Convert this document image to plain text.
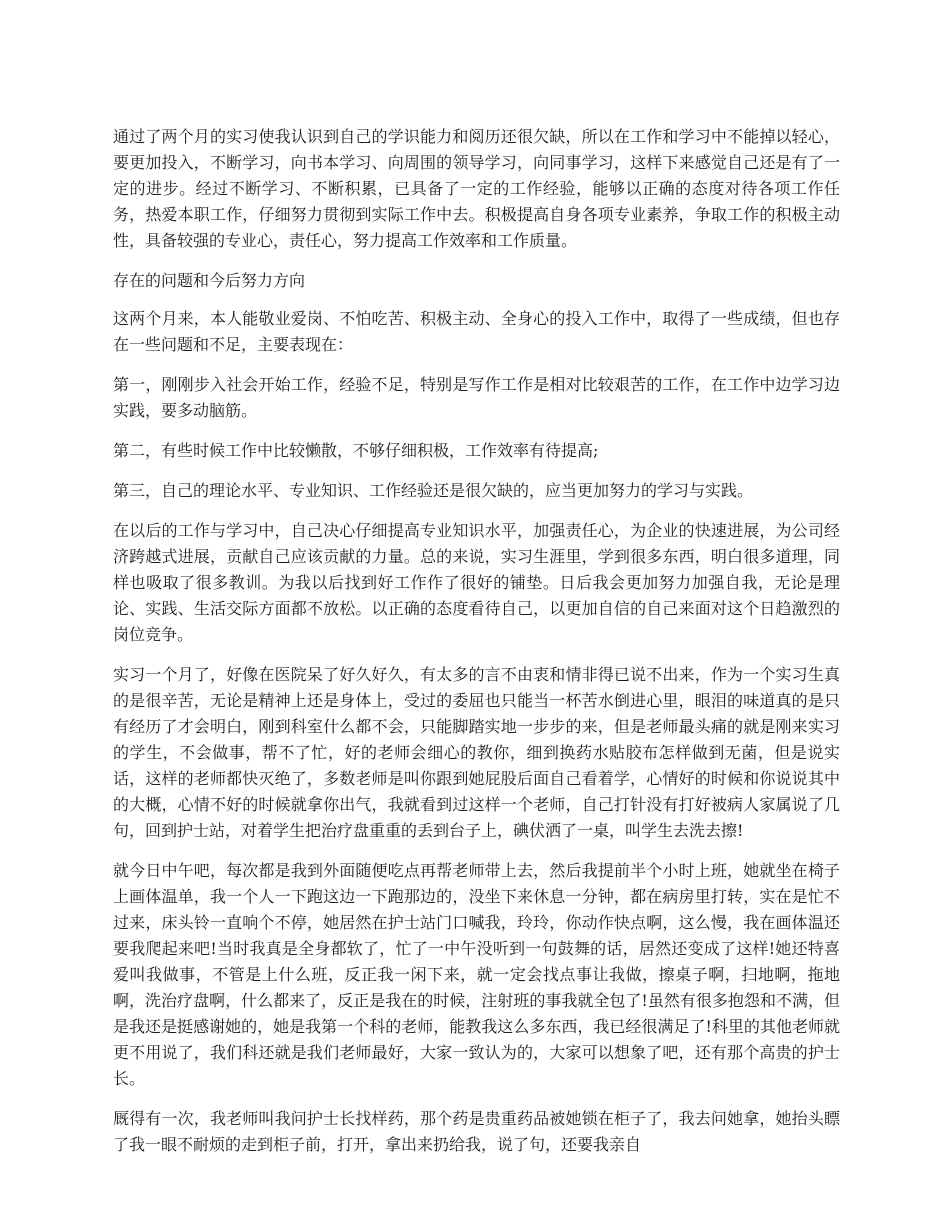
通过了两个月的实习使我认识到自己的学识能力和阅历还很欠缺，所以在工作和学习中不能掉以轻心，要更加投入，不断学习，向书本学习、向周围的领导学习，向同事学习，这样下来感觉自己还是有了一定的进步。经过不断学习、不断积累，已具备了一定的工作经验，能够以正确的态度对待各项工作任务，热爱本职工作，仔细努力贯彻到实际工作中去。积极提高自身各项专业素养，争取工作的积极主动性，具备较强的专业心，责任心，努力提高工作效率和工作质量。

存在的问题和今后努力方向

这两个月来，本人能敬业爱岗、不怕吃苦、积极主动、全身心的投入工作中，取得了一些成绩，但也存在一些问题和不足，主要表现在：

第一，刚刚步入社会开始工作，经验不足，特别是写作工作是相对比较艰苦的工作，在工作中边学习边实践，要多动脑筋。

第二，有些时候工作中比较懒散，不够仔细积极，工作效率有待提高;

第三，自己的理论水平、专业知识、工作经验还是很欠缺的，应当更加努力的学习与实践。

在以后的工作与学习中，自己决心仔细提高专业知识水平，加强责任心，为企业的快速进展，为公司经济跨越式进展，贡献自己应该贡献的力量。总的来说，实习生涯里，学到很多东西，明白很多道理，同样也吸取了很多教训。为我以后找到好工作作了很好的铺垫。日后我会更加努力加强自我，无论是理论、实践、生活交际方面都不放松。以正确的态度看待自己，以更加自信的自己来面对这个日趋激烈的岗位竞争。

实习一个月了，好像在医院呆了好久好久，有太多的言不由衷和情非得已说不出来，作为一个实习生真的是很辛苦，无论是精神上还是身体上，受过的委屈也只能当一杯苦水倒进心里，眼泪的味道真的是只有经历了才会明白，刚到科室什么都不会，只能脚踏实地一步步的来，但是老师最头痛的就是刚来实习的学生，不会做事，帮不了忙，好的老师会细心的教你，细到换药水贴胶布怎样做到无菌，但是说实话，这样的老师都快灭绝了，多数老师是叫你跟到她屁股后面自己看着学，心情好的时候和你说说其中的大概，心情不好的时候就拿你出气，我就看到过这样一个老师，自己打针没有打好被病人家属说了几句，回到护士站，对着学生把治疗盘重重的丢到台子上，碘伏洒了一桌，叫学生去洗去擦!

就今日中午吧，每次都是我到外面随便吃点再帮老师带上去，然后我提前半个小时上班，她就坐在椅子上画体温单，我一个人一下跑这边一下跑那边的，没坐下来休息一分钟，都在病房里打转，实在是忙不过来，床头铃一直响个不停，她居然在护士站门口喊我，玲玲，你动作快点啊，这么慢，我在画体温还要我爬起来吧!当时我真是全身都软了，忙了一中午没听到一句鼓舞的话，居然还变成了这样!她还特喜爱叫我做事，不管是上什么班，反正我一闲下来，就一定会找点事让我做，擦桌子啊，扫地啊，拖地啊，洗治疗盘啊，什么都来了，反正是我在的时候，注射班的事我就全包了!虽然有很多抱怨和不满，但是我还是挺感谢她的，她是我第一个科的老师，能教我这么多东西，我已经很满足了!科里的其他老师就更不用说了，我们科还就是我们老师最好，大家一致认为的，大家可以想象了吧，还有那个高贵的护士长。

厩得有一次，我老师叫我问护士长找样药，那个药是贵重药品被她锁在柜子了，我去问她拿，她抬头瞟了我一眼不耐烦的走到柜子前，打开，拿出来扔给我，说了句，还要我亲自
